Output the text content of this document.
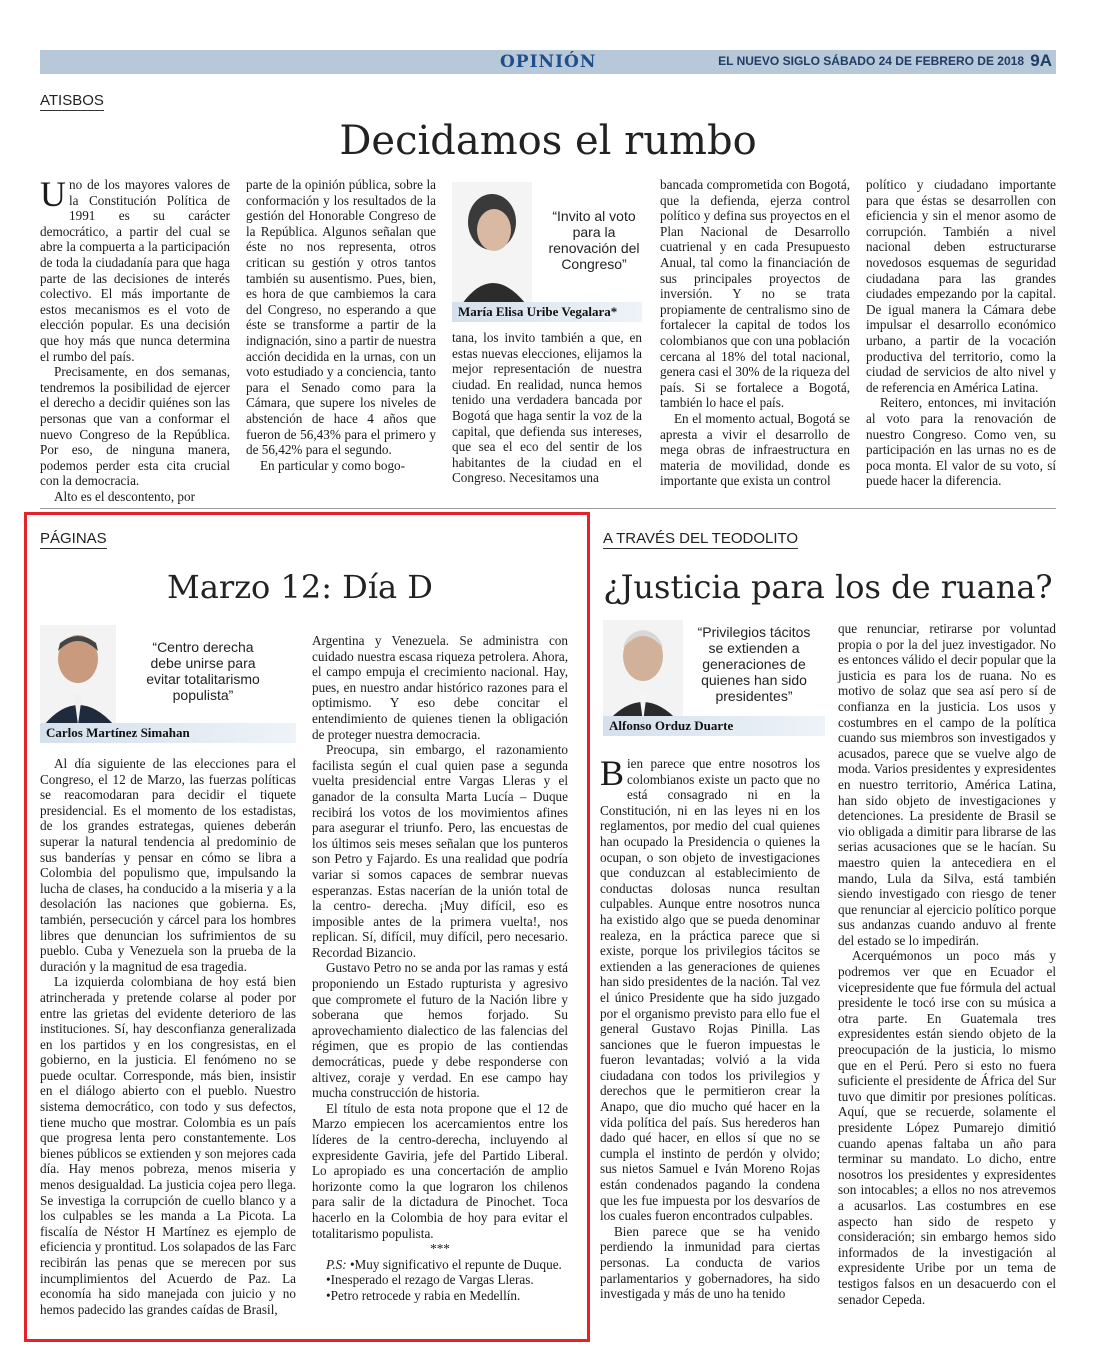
OPINIÓN	EL NUEVO SIGLO SÁBADO 24 DE FEBRERO DE 2018 9A
ATISBOS
Decidamos el rumbo

Uno de los mayores valores de la Constitución Política de 1991 es su carácter democrático, a partir del cual se abre la compuerta a la participación de toda la ciudadanía para que haga parte de las decisiones de interés colectivo. El más importante de estos mecanismos es el voto de elección popular. Es una decisión que hoy más que nunca determina el rumbo del país.

Precisamente, en dos semanas, tendremos la posibilidad de ejercer el derecho a decidir quiénes son las personas que van a conformar el nuevo Congreso de la República. Por eso, de ninguna manera, podemos perder esta cita crucial con la democracia.

Alto es el descontento, por

parte de la opinión pública, sobre la conformación y los resultados de la gestión del Honorable Congreso de la República. Algunos señalan que éste no nos representa, otros critican su gestión y otros tantos también su ausentismo. Pues, bien, es hora de que cambiemos la cara del Congreso, no esperando a que éste se transforme a partir de la indignación, sino a partir de nuestra acción decidida en la urnas, con un voto estudiado y a conciencia, tanto para el Senado como para la Cámara, que supere los niveles de abstención de hace 4 años que fueron de 56,43% para el primero y de 56,42% para el segundo.

En particular y como bogo-

“Invito al voto para la renovación del Congreso”
María Elisa Uribe Vegalara*

tana, los invito también a que, en estas nuevas elecciones, elijamos la mejor representación de nuestra ciudad. En realidad, nunca hemos tenido una verdadera bancada por Bogotá que haga sentir la voz de la capital, que defienda sus intereses, que sea el eco del sentir de los habitantes de la ciudad en el Congreso. Necesitamos una

bancada comprometida con Bogotá, que la defienda, ejerza control político y defina sus proyectos en el Plan Nacional de Desarrollo cuatrienal y en cada Presupuesto Anual, tal como la financiación de sus principales proyectos de inversión. Y no se trata propiamente de centralismo sino de fortalecer la capital de todos los colombianos que con una población cercana al 18% del total nacional, genera casi el 30% de la riqueza del país. Si se fortalece a Bogotá, también lo hace el país.

En el momento actual, Bogotá se apresta a vivir el desarrollo de mega obras de infraestructura en materia de movilidad, donde es importante que exista un control

político y ciudadano importante para que éstas se desarrollen con eficiencia y sin el menor asomo de corrupción. También a nivel nacional deben estructurarse novedosos esquemas de seguridad ciudadana para las grandes ciudades empezando por la capital. De igual manera la Cámara debe impulsar el desarrollo económico urbano, a partir de la vocación productiva del territorio, como la ciudad de servicios de alto nivel y de referencia en América Latina.

Reitero, entonces, mi invitación al voto para la renovación de nuestro Congreso. Como ven, su participación en las urnas no es de poca monta. El valor de su voto, sí puede hacer la diferencia.

PÁGINAS
Marzo 12: Día D
“Centro derecha debe unirse para evitar totalitarismo populista”
Carlos Martínez Simahan

Al día siguiente de las elecciones para el Congreso, el 12 de Marzo, las fuerzas políticas se reacomodaran para decidir el tiquete presidencial. Es el momento de los estadistas, de los grandes estrategas, quienes deberán superar la natural tendencia al predominio de sus banderías y pensar en cómo se libra a Colombia del populismo que, impulsando la lucha de clases, ha conducido a la miseria y a la desolación las naciones que gobierna. Es, también, persecución y cárcel para los hombres libres que denuncian los sufrimientos de su pueblo. Cuba y Venezuela son la prueba de la duración y la magnitud de esa tragedia.

La izquierda colombiana de hoy está bien atrincherada y pretende colarse al poder por entre las grietas del evidente deterioro de las instituciones. Sí, hay desconfianza generalizada en los partidos y en los congresistas, en el gobierno, en la justicia. El fenómeno no se puede ocultar. Corresponde, más bien, insistir en el diálogo abierto con el pueblo. Nuestro sistema democrático, con todo y sus defectos, tiene mucho que mostrar. Colombia es un país que progresa lenta pero constantemente. Los bienes públicos se extienden y son mejores cada día. Hay menos pobreza, menos miseria y menos desigualdad. La justicia cojea pero llega. Se investiga la corrupción de cuello blanco y a los culpables se les manda a La Picota. La fiscalía de Néstor H Martínez es ejemplo de eficiencia y prontitud. Los solapados de las Farc recibirán las penas que se merecen por sus incumplimientos del Acuerdo de Paz. La economía ha sido manejada con juicio y no hemos padecido las grandes caídas de Brasil,

Argentina y Venezuela. Se administra con cuidado nuestra escasa riqueza petrolera. Ahora, el campo empuja el crecimiento nacional. Hay, pues, en nuestro andar histórico razones para el optimismo. Y eso debe concitar el entendimiento de quienes tienen la obligación de proteger nuestra democracia.

Preocupa, sin embargo, el razonamiento facilista según el cual quien pase a segunda vuelta presidencial entre Vargas Lleras y el ganador de la consulta Marta Lucía – Duque recibirá los votos de los movimientos afines para asegurar el triunfo. Pero, las encuestas de los últimos seis meses señalan que los punteros son Petro y Fajardo. Es una realidad que podría variar si somos capaces de sembrar nuevas esperanzas. Estas nacerían de la unión total de la centro- derecha. ¡Muy difícil, eso es imposible antes de la primera vuelta!, nos replican. Sí, difícil, muy difícil, pero necesario. Recordad Bizancio.

Gustavo Petro no se anda por las ramas y está proponiendo un Estado rupturista y agresivo que compromete el futuro de la Nación libre y soberana que hemos forjado. Su aprovechamiento dialectico de las falencias del régimen, que es propio de las contiendas democráticas, puede y debe responderse con altivez, coraje y verdad. En ese campo hay mucha construcción de historia.

El título de esta nota propone que el 12 de Marzo empiecen los acercamientos entre los líderes de la centro-derecha, incluyendo al expresidente Gaviria, jefe del Partido Liberal. Lo apropiado es una concertación de amplio horizonte como la que lograron los chilenos para salir de la dictadura de Pinochet. Toca hacerlo en la Colombia de hoy para evitar el totalitarismo populista.

***

P.S: •Muy significativo el repunte de Duque.

•Inesperado el rezago de Vargas Lleras.

•Petro retrocede y rabia en Medellín.

A TRAVÉS DEL TEODOLITO
¿Justicia para los de ruana?
“Privilegios tácitos se extienden a generaciones de quienes han sido presidentes”
Alfonso Orduz Duarte

Bien parece que entre nosotros los colombianos existe un pacto que no está consagrado ni en la Constitución, ni en las leyes ni en los reglamentos, por medio del cual quienes han ocupado la Presidencia o quienes la ocupan, o son objeto de investigaciones que conduzcan al establecimiento de conductas dolosas nunca resultan culpables. Aunque entre nosotros nunca ha existido algo que se pueda denominar realeza, en la práctica parece que si existe, porque los privilegios tácitos se extienden a las generaciones de quienes han sido presidentes de la nación. Tal vez el único Presidente que ha sido juzgado por el organismo previsto para ello fue el general Gustavo Rojas Pinilla. Las sanciones que le fueron impuestas le fueron levantadas; volvió a la vida ciudadana con todos los privilegios y derechos que le permitieron crear la Anapo, que dio mucho qué hacer en la vida política del país. Sus herederos han dado qué hacer, en ellos sí que no se cumpla el instinto de perdón y olvido; sus nietos Samuel e Iván Moreno Rojas están condenados pagando la condena que les fue impuesta por los desvaríos de los cuales fueron encontrados culpables.

Bien parece que se ha venido perdiendo la inmunidad para ciertas personas. La conducta de varios parlamentarios y gobernadores, ha sido investigada y más de uno ha tenido

que renunciar, retirarse por voluntad propia o por la del juez investigador. No es entonces válido el decir popular que la justicia es para los de ruana. No es motivo de solaz que sea así pero sí de confianza en la justicia. Los usos y costumbres en el campo de la política cuando sus miembros son investigados y acusados, parece que se vuelve algo de moda. Varios presidentes y expresidentes en nuestro territorio, América Latina, han sido objeto de investigaciones y detenciones. La presidente de Brasil se vio obligada a dimitir para librarse de las serias acusaciones que se le hacían. Su maestro quien la antecediera en el mando, Lula da Silva, está también siendo investigado con riesgo de tener que renunciar al ejercicio político porque sus andanzas cuando anduvo al frente del estado se lo impedirán.

Acerquémonos un poco más y podremos ver que en Ecuador el vicepresidente que fue fórmula del actual presidente le tocó irse con su música a otra parte. En Guatemala tres expresidentes están siendo objeto de la preocupación de la justicia, lo mismo que en el Perú. Pero si esto no fuera suficiente el presidente de África del Sur tuvo que dimitir por presiones políticas. Aquí, que se recuerde, solamente el presidente López Pumarejo dimitió cuando apenas faltaba un año para terminar su mandato. Lo dicho, entre nosotros los presidentes y expresidentes son intocables; a ellos no nos atrevemos a acusarlos. Las costumbres en ese aspecto han sido de respeto y consideración; sin embargo hemos sido informados de la investigación al expresidente Uribe por un tema de testigos falsos en un desacuerdo con el senador Cepeda.
